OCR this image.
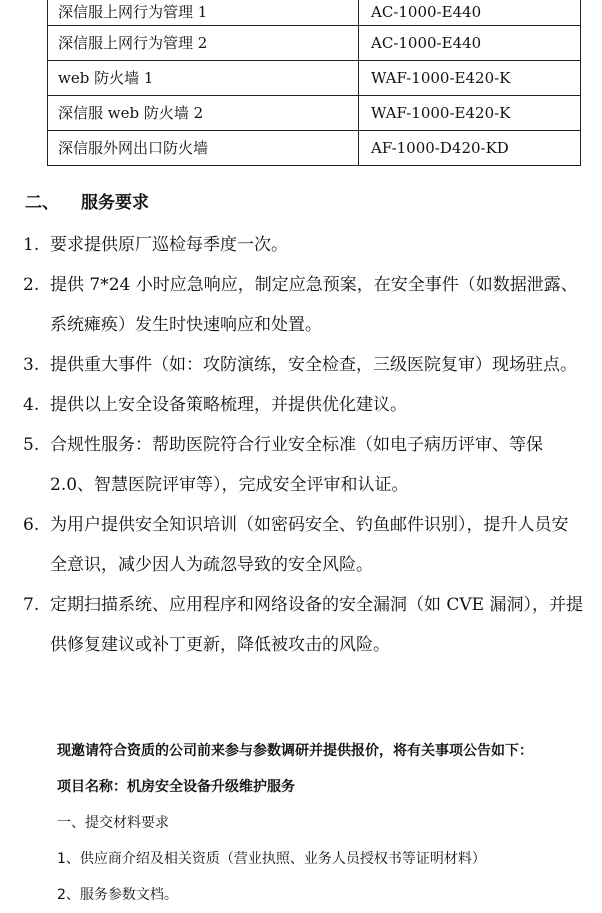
深信服上网行为管理 1	AC-1000-E440
深信服上网行为管理 2	AC-1000-E440
web 防火墙 1	WAF-1000-E420-K
深信服 web 防火墙 2	WAF-1000-E420-K
深信服外网出口防火墙	AF-1000-D420-KD
二、 服务要求
1. 要求提供原厂巡检每季度一次。
2. 提供 7*24 小时应急响应，制定应急预案，在安全事件（如数据泄露、系统瘫痪）发生时快速响应和处置。
3. 提供重大事件（如：攻防演练，安全检查，三级医院复审）现场驻点。
4. 提供以上安全设备策略梳理，并提供优化建议。
5. 合规性服务：帮助医院符合行业安全标准（如电子病历评审、等保 2.0、智慧医院评审等），完成安全评审和认证。
6. 为用户提供安全知识培训（如密码安全、钓鱼邮件识别），提升人员安全意识，减少因人为疏忽导致的安全风险。
7. 定期扫描系统、应用程序和网络设备的安全漏洞（如 CVE 漏洞），并提供修复建议或补丁更新，降低被攻击的风险。
现邀请符合资质的公司前来参与参数调研并提供报价，将有关事项公告如下：
项目名称：机房安全设备升级维护服务
一、提交材料要求
1、供应商介绍及相关资质（营业执照、业务人员授权书等证明材料）
2、服务参数文档。
